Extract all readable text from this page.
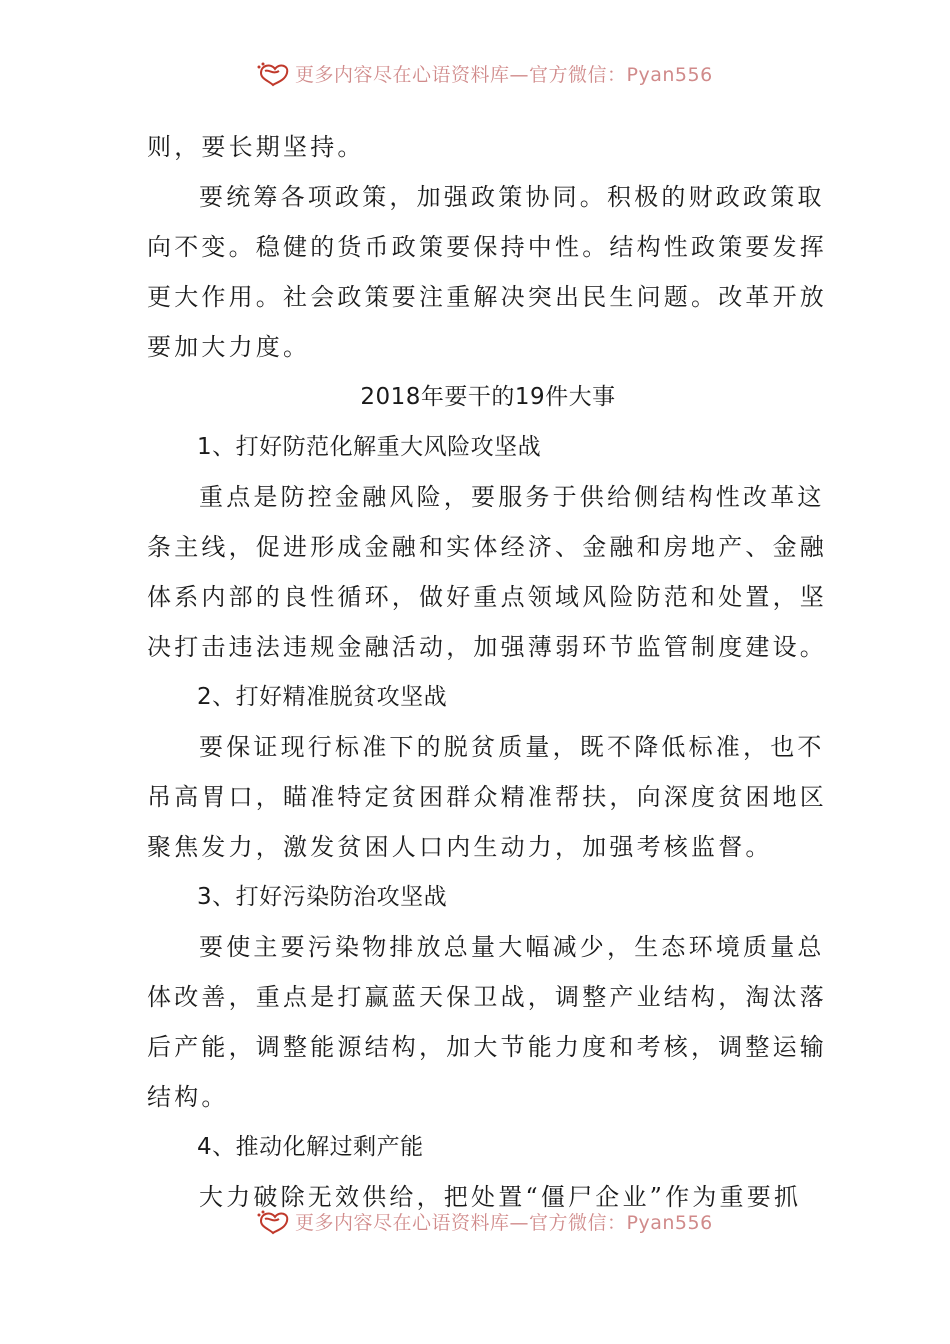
更多内容尽在心语资料库—官方微信：Pyan556

则，要长期坚持。

要统筹各项政策，加强政策协同。积极的财政政策取

向不变。稳健的货币政策要保持中性。结构性政策要发挥

更大作用。社会政策要注重解决突出民生问题。改革开放

要加大力度。

2018年要干的19件大事

1、打好防范化解重大风险攻坚战

重点是防控金融风险，要服务于供给侧结构性改革这

条主线，促进形成金融和实体经济、金融和房地产、金融

体系内部的良性循环，做好重点领域风险防范和处置，坚

决打击违法违规金融活动，加强薄弱环节监管制度建设。

2、打好精准脱贫攻坚战

要保证现行标准下的脱贫质量，既不降低标准，也不

吊高胃口，瞄准特定贫困群众精准帮扶，向深度贫困地区

聚焦发力，激发贫困人口内生动力，加强考核监督。

3、打好污染防治攻坚战

要使主要污染物排放总量大幅减少，生态环境质量总

体改善，重点是打赢蓝天保卫战，调整产业结构，淘汰落

后产能，调整能源结构，加大节能力度和考核，调整运输

结构。

4、推动化解过剩产能

大力破除无效供给，把处置“僵尸企业”作为重要抓

更多内容尽在心语资料库—官方微信：Pyan556
